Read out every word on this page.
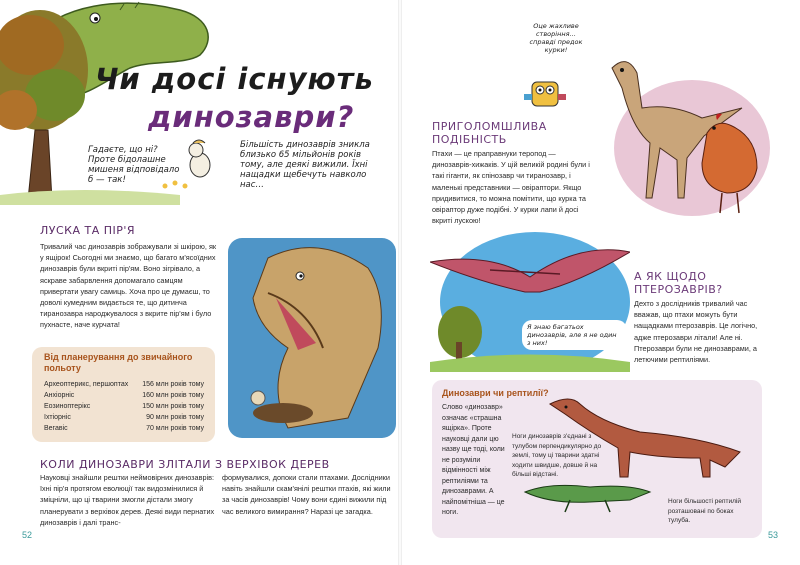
Чи досі існують
динозаври?
Гадаєте, що ні? Проте бідолашне мишеня відповідало б — так!
Більшість динозаврів зникла близько 65 мільйонів років тому, але деякі вижили. Їхні нащадки щебечуть навколо нас…
ЛУСКА ТА ПІР'Я
Тривалий час динозаврів зображували зі шкірою, як у ящірок! Сьогодні ми знаємо, що багато м'ясоїдних динозаврів були вкриті пір'ям. Воно зігрівало, а яскраве забарвлення допомагало самцям привертати увагу самиць. Хоча про це думаєш, то доволі кумедним видається те, що дитинча тиранозавра народжувалося з вкрите пір'ям і було пухнасте, наче курчата!
Від планерування до звичайного польоту
Археоптерикс, першоптах 156 млн років тому
Анхіорніс	160 млн років тому
Еозиноптерікс	150 млн років тому
Іхтіорніс	90 млн років тому
Вегавіс	70 млн років тому
КОЛИ ДИНОЗАВРИ ЗЛІТАЛИ З ВЕРХІВОК ДЕРЕВ
Науковці знайшли рештки неймовірних динозаврів: їхні пір'я протягом еволюції так видозмінилися й зміцніли, що ці тварини змогли дістали змогу планерувати з верхівок дерев. Деякі види пернатих динозаврів і далі транс-
формувалися, допоки стали птахами. Дослідники навіть знайшли скам'янілі рештки птахів, які жили за часів динозаврів! Чому вони єдині вижили під час великого вимирання? Наразі це загадка.
52
Оце жахливе створіння… справді предок курки!
ПРИГОЛОМШЛИВА ПОДІБНІСТЬ
Птахи — це праправнуки теропод — динозаврів-хижаків. У цій великій родині були і такі гіганти, як спінозавр чи тиранозавр, і маленькі представники — овіраптори. Якщо придивитися, то можна помітити, що курка та овіраптор дуже подібні. У курки лапи й досі вкриті лускою!
Я знаю багатьох динозаврів, але я не один з них!
А ЯК ЩОДО ПТЕРОЗАВРІВ?
Дехто з дослідників тривалий час вважав, що птахи можуть бути нащадками птерозаврів. Це логічно, адже птерозаври літали! Але ні. Птерозаври були не динозаврами, а летючими рептиліями.
Динозаври чи рептилії?
Слово «динозавр» означає «страшна ящірка». Проте науковці дали цю назву ще тоді, коли не розуміли відмінності між рептиліями та динозаврами. А найпомітніша — це ноги.
Ноги динозаврів з'єднані з тулубом перпендикулярно до землі, тому ці тварини здатні ходити швидше, довше й на більші відстані.
Ноги більшості рептилій розташовані по боках тулуба.
53
